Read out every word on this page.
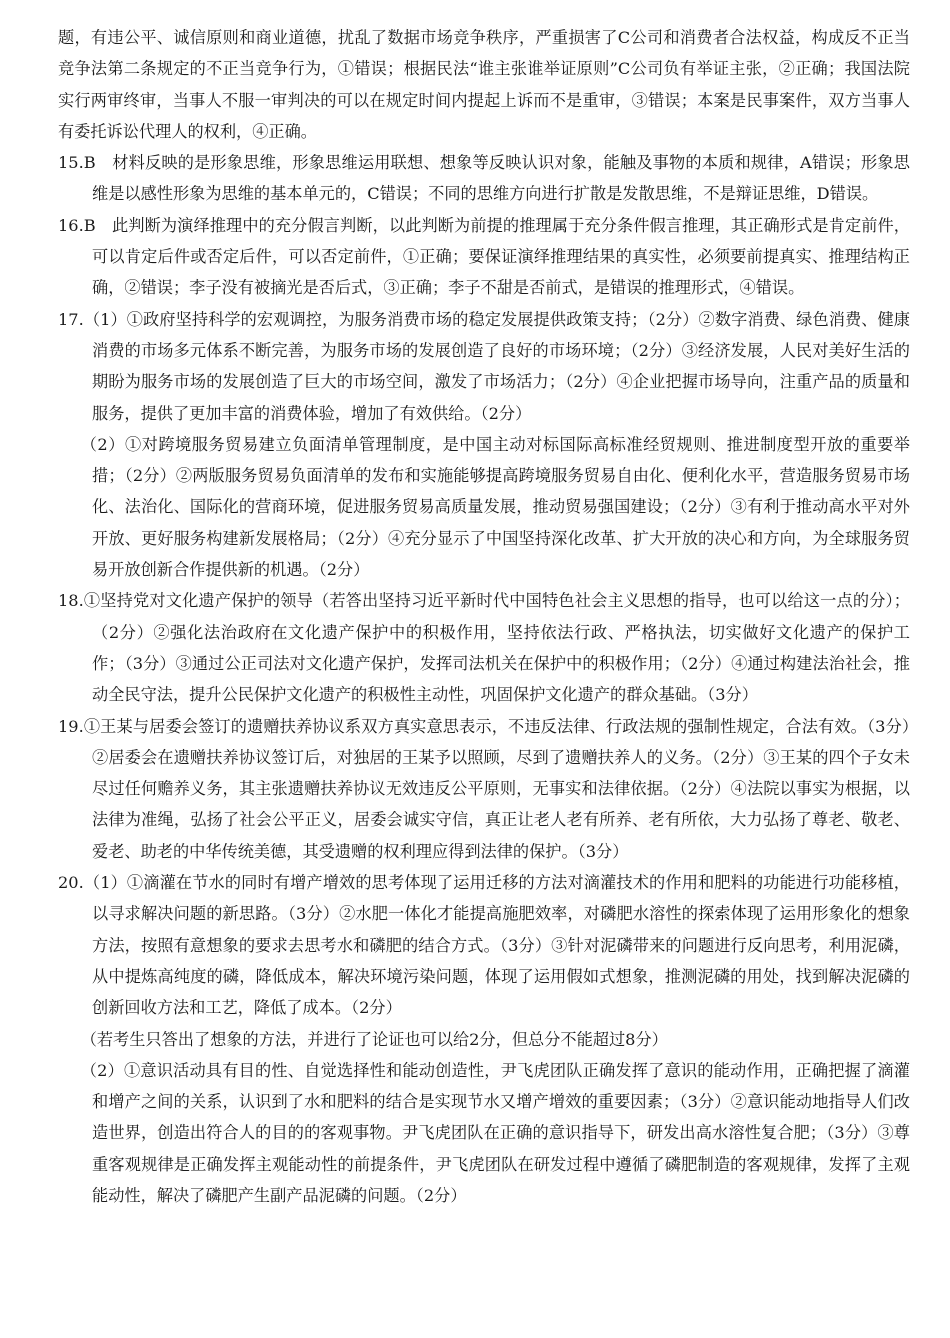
题，有违公平、诚信原则和商业道德，扰乱了数据市场竞争秩序，严重损害了C公司和消费者合法权益，构成反不正当竞争法第二条规定的不正当竞争行为，①错误；根据民法“谁主张谁举证原则”C公司负有举证主张，②正确；我国法院实行两审终审，当事人不服一审判决的可以在规定时间内提起上诉而不是重审，③错误；本案是民事案件，双方当事人有委托诉讼代理人的权利，④正确。

15.B　材料反映的是形象思维，形象思维运用联想、想象等反映认识对象，能触及事物的本质和规律，A错误；形象思维是以感性形象为思维的基本单元的，C错误；不同的思维方向进行扩散是发散思维，不是辩证思维，D错误。

16.B　此判断为演绎推理中的充分假言判断，以此判断为前提的推理属于充分条件假言推理，其正确形式是肯定前件，可以肯定后件或否定后件，可以否定前件，①正确；要保证演绎推理结果的真实性，必须要前提真实、推理结构正确，②错误；李子没有被摘光是否后式，③正确；李子不甜是否前式，是错误的推理形式，④错误。

17.（1）①政府坚持科学的宏观调控，为服务消费市场的稳定发展提供政策支持；（2分）②数字消费、绿色消费、健康消费的市场多元体系不断完善，为服务市场的发展创造了良好的市场环境；（2分）③经济发展，人民对美好生活的期盼为服务市场的发展创造了巨大的市场空间，激发了市场活力；（2分）④企业把握市场导向，注重产品的质量和服务，提供了更加丰富的消费体验，增加了有效供给。（2分）

（2）①对跨境服务贸易建立负面清单管理制度，是中国主动对标国际高标准经贸规则、推进制度型开放的重要举措；（2分）②两版服务贸易负面清单的发布和实施能够提高跨境服务贸易自由化、便利化水平，营造服务贸易市场化、法治化、国际化的营商环境，促进服务贸易高质量发展，推动贸易强国建设；（2分）③有利于推动高水平对外开放、更好服务构建新发展格局；（2分）④充分显示了中国坚持深化改革、扩大开放的决心和方向，为全球服务贸易开放创新合作提供新的机遇。（2分）

18.①坚持党对文化遗产保护的领导（若答出坚持习近平新时代中国特色社会主义思想的指导，也可以给这一点的分）；（2分）②强化法治政府在文化遗产保护中的积极作用，坚持依法行政、严格执法，切实做好文化遗产的保护工作；（3分）③通过公正司法对文化遗产保护，发挥司法机关在保护中的积极作用；（2分）④通过构建法治社会，推动全民守法，提升公民保护文化遗产的积极性主动性，巩固保护文化遗产的群众基础。（3分）

19.①王某与居委会签订的遗赠扶养协议系双方真实意思表示，不违反法律、行政法规的强制性规定，合法有效。（3分）②居委会在遗赠扶养协议签订后，对独居的王某予以照顾，尽到了遗赠扶养人的义务。（2分）③王某的四个子女未尽过任何赡养义务，其主张遗赠扶养协议无效违反公平原则，无事实和法律依据。（2分）④法院以事实为根据，以法律为准绳，弘扬了社会公平正义，居委会诚实守信，真正让老人老有所养、老有所依，大力弘扬了尊老、敬老、爱老、助老的中华传统美德，其受遗赠的权利理应得到法律的保护。（3分）

20.（1）①滴灌在节水的同时有增产增效的思考体现了运用迁移的方法对滴灌技术的作用和肥料的功能进行功能移植，以寻求解决问题的新思路。（3分）②水肥一体化才能提高施肥效率，对磷肥水溶性的探索体现了运用形象化的想象方法，按照有意想象的要求去思考水和磷肥的结合方式。（3分）③针对泥磷带来的问题进行反向思考，利用泥磷，从中提炼高纯度的磷，降低成本，解决环境污染问题，体现了运用假如式想象，推测泥磷的用处，找到解决泥磷的创新回收方法和工艺，降低了成本。（2分）

（若考生只答出了想象的方法，并进行了论证也可以给2分，但总分不能超过8分）

（2）①意识活动具有目的性、自觉选择性和能动创造性，尹飞虎团队正确发挥了意识的能动作用，正确把握了滴灌和增产之间的关系，认识到了水和肥料的结合是实现节水又增产增效的重要因素；（3分）②意识能动地指导人们改造世界，创造出符合人的目的的客观事物。尹飞虎团队在正确的意识指导下，研发出高水溶性复合肥；（3分）③尊重客观规律是正确发挥主观能动性的前提条件，尹飞虎团队在研发过程中遵循了磷肥制造的客观规律，发挥了主观能动性，解决了磷肥产生副产品泥磷的问题。（2分）
